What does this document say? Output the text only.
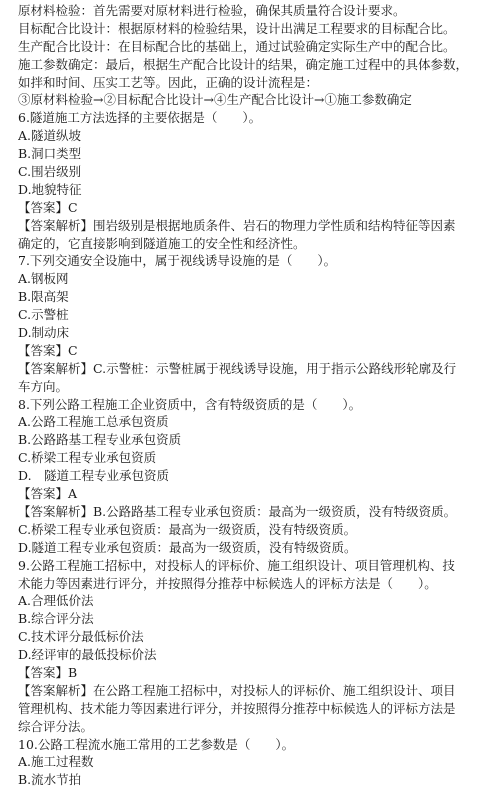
原材料检验：首先需要对原材料进行检验，确保其质量符合设计要求。
目标配合比设计：根据原材料的检验结果，设计出满足工程要求的目标配合比。
生产配合比设计：在目标配合比的基础上，通过试验确定实际生产中的配合比。
施工参数确定：最后，根据生产配合比设计的结果，确定施工过程中的具体参数，
如拌和时间、压实工艺等。因此，正确的设计流程是：
③原材料检验→②目标配合比设计→④生产配合比设计→①施工参数确定
6.隧道施工方法选择的主要依据是（　　）。
A.隧道纵坡
B.洞口类型
C.围岩级别
D.地貌特征
【答案】C
【答案解析】围岩级别是根据地质条件、岩石的物理力学性质和结构特征等因素
确定的，它直接影响到隧道施工的安全性和经济性。
7.下列交通安全设施中，属于视线诱导设施的是（　　）。
A.钢板网
B.限高架
C.示警桩
D.制动床
【答案】C
【答案解析】C.示警桩：示警桩属于视线诱导设施，用于指示公路线形轮廓及行
车方向。
8.下列公路工程施工企业资质中，含有特级资质的是（　　）。
A.公路工程施工总承包资质
B.公路路基工程专业承包资质
C.桥梁工程专业承包资质
D.　隧道工程专业承包资质
【答案】A
【答案解析】B.公路路基工程专业承包资质：最高为一级资质，没有特级资质。
C.桥梁工程专业承包资质：最高为一级资质，没有特级资质。
D.隧道工程专业承包资质：最高为一级资质，没有特级资质。
9.公路工程施工招标中，对投标人的评标价、施工组织设计、项目管理机构、技
术能力等因素进行评分，并按照得分推荐中标候选人的评标方法是（　　）。
A.合理低价法
B.综合评分法
C.技术评分最低标价法
D.经评审的最低投标价法
【答案】B
【答案解析】在公路工程施工招标中，对投标人的评标价、施工组织设计、项目
管理机构、技术能力等因素进行评分，并按照得分推荐中标候选人的评标方法是
综合评分法。
10.公路工程流水施工常用的工艺参数是（　　）。
A.施工过程数
B.流水节拍
